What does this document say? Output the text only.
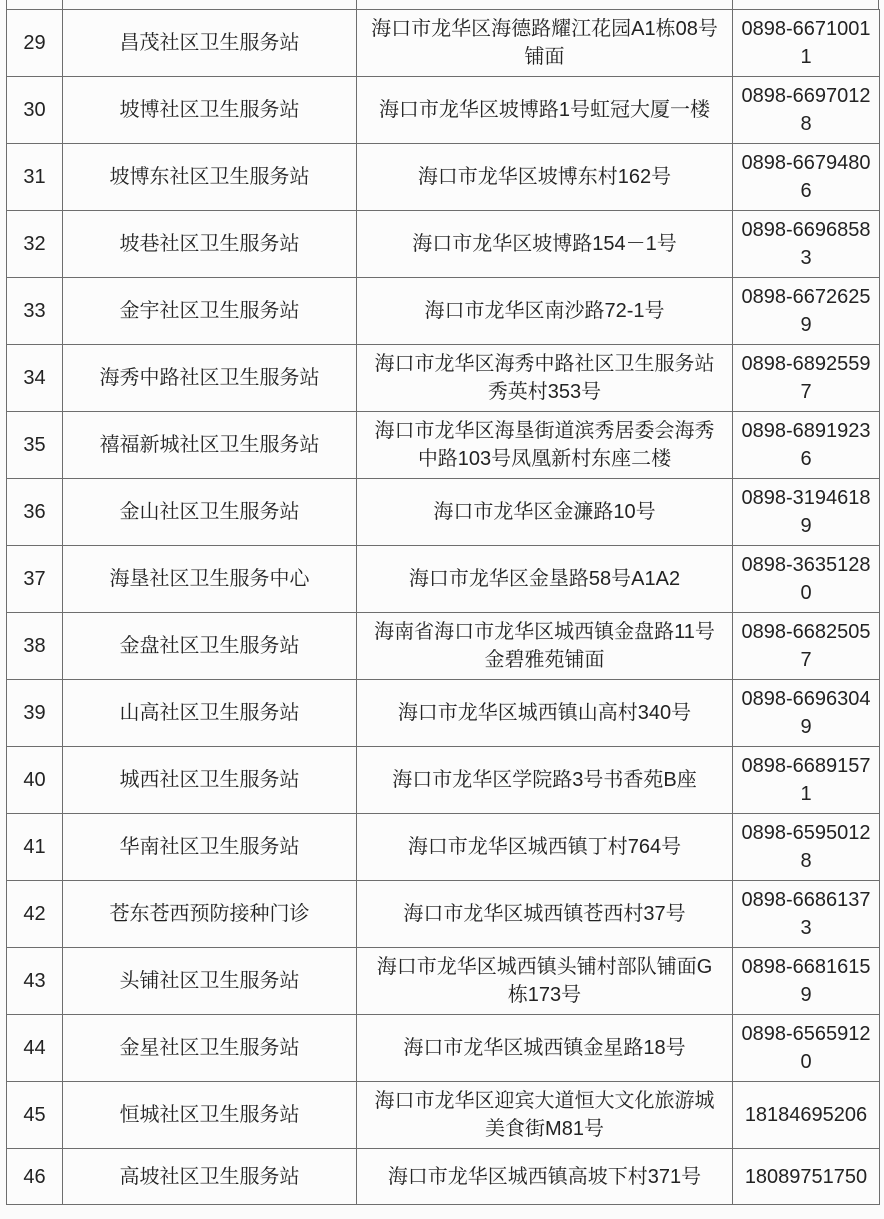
29	昌茂社区卫生服务站	海口市龙华区海德路耀江花园A1栋08号铺面	0898-66710011
30	坡博社区卫生服务站	海口市龙华区坡博路1号虹冠大厦一楼	0898-66970128
31	坡博东社区卫生服务站	海口市龙华区坡博东村162号	0898-66794806
32	坡巷社区卫生服务站	海口市龙华区坡博路154－1号	0898-66968583
33	金宇社区卫生服务站	海口市龙华区南沙路72-1号	0898-66726259
34	海秀中路社区卫生服务站	海口市龙华区海秀中路社区卫生服务站秀英村353号	0898-68925597
35	禧福新城社区卫生服务站	海口市龙华区海垦街道滨秀居委会海秀中路103号凤凰新村东座二楼	0898-68919236
36	金山社区卫生服务站	海口市龙华区金濂路10号	0898-31946189
37	海垦社区卫生服务中心	海口市龙华区金垦路58号A1A2	0898-36351280
38	金盘社区卫生服务站	海南省海口市龙华区城西镇金盘路11号金碧雅苑铺面	0898-66825057
39	山高社区卫生服务站	海口市龙华区城西镇山高村340号	0898-66963049
40	城西社区卫生服务站	海口市龙华区学院路3号书香苑B座	0898-66891571
41	华南社区卫生服务站	海口市龙华区城西镇丁村764号	0898-65950128
42	苍东苍西预防接种门诊	海口市龙华区城西镇苍西村37号	0898-66861373
43	头铺社区卫生服务站	海口市龙华区城西镇头铺村部队铺面G栋173号	0898-66816159
44	金星社区卫生服务站	海口市龙华区城西镇金星路18号	0898-65659120
45	恒城社区卫生服务站	海口市龙华区迎宾大道恒大文化旅游城美食街M81号	18184695206
46	高坡社区卫生服务站	海口市龙华区城西镇高坡下村371号	18089751750
